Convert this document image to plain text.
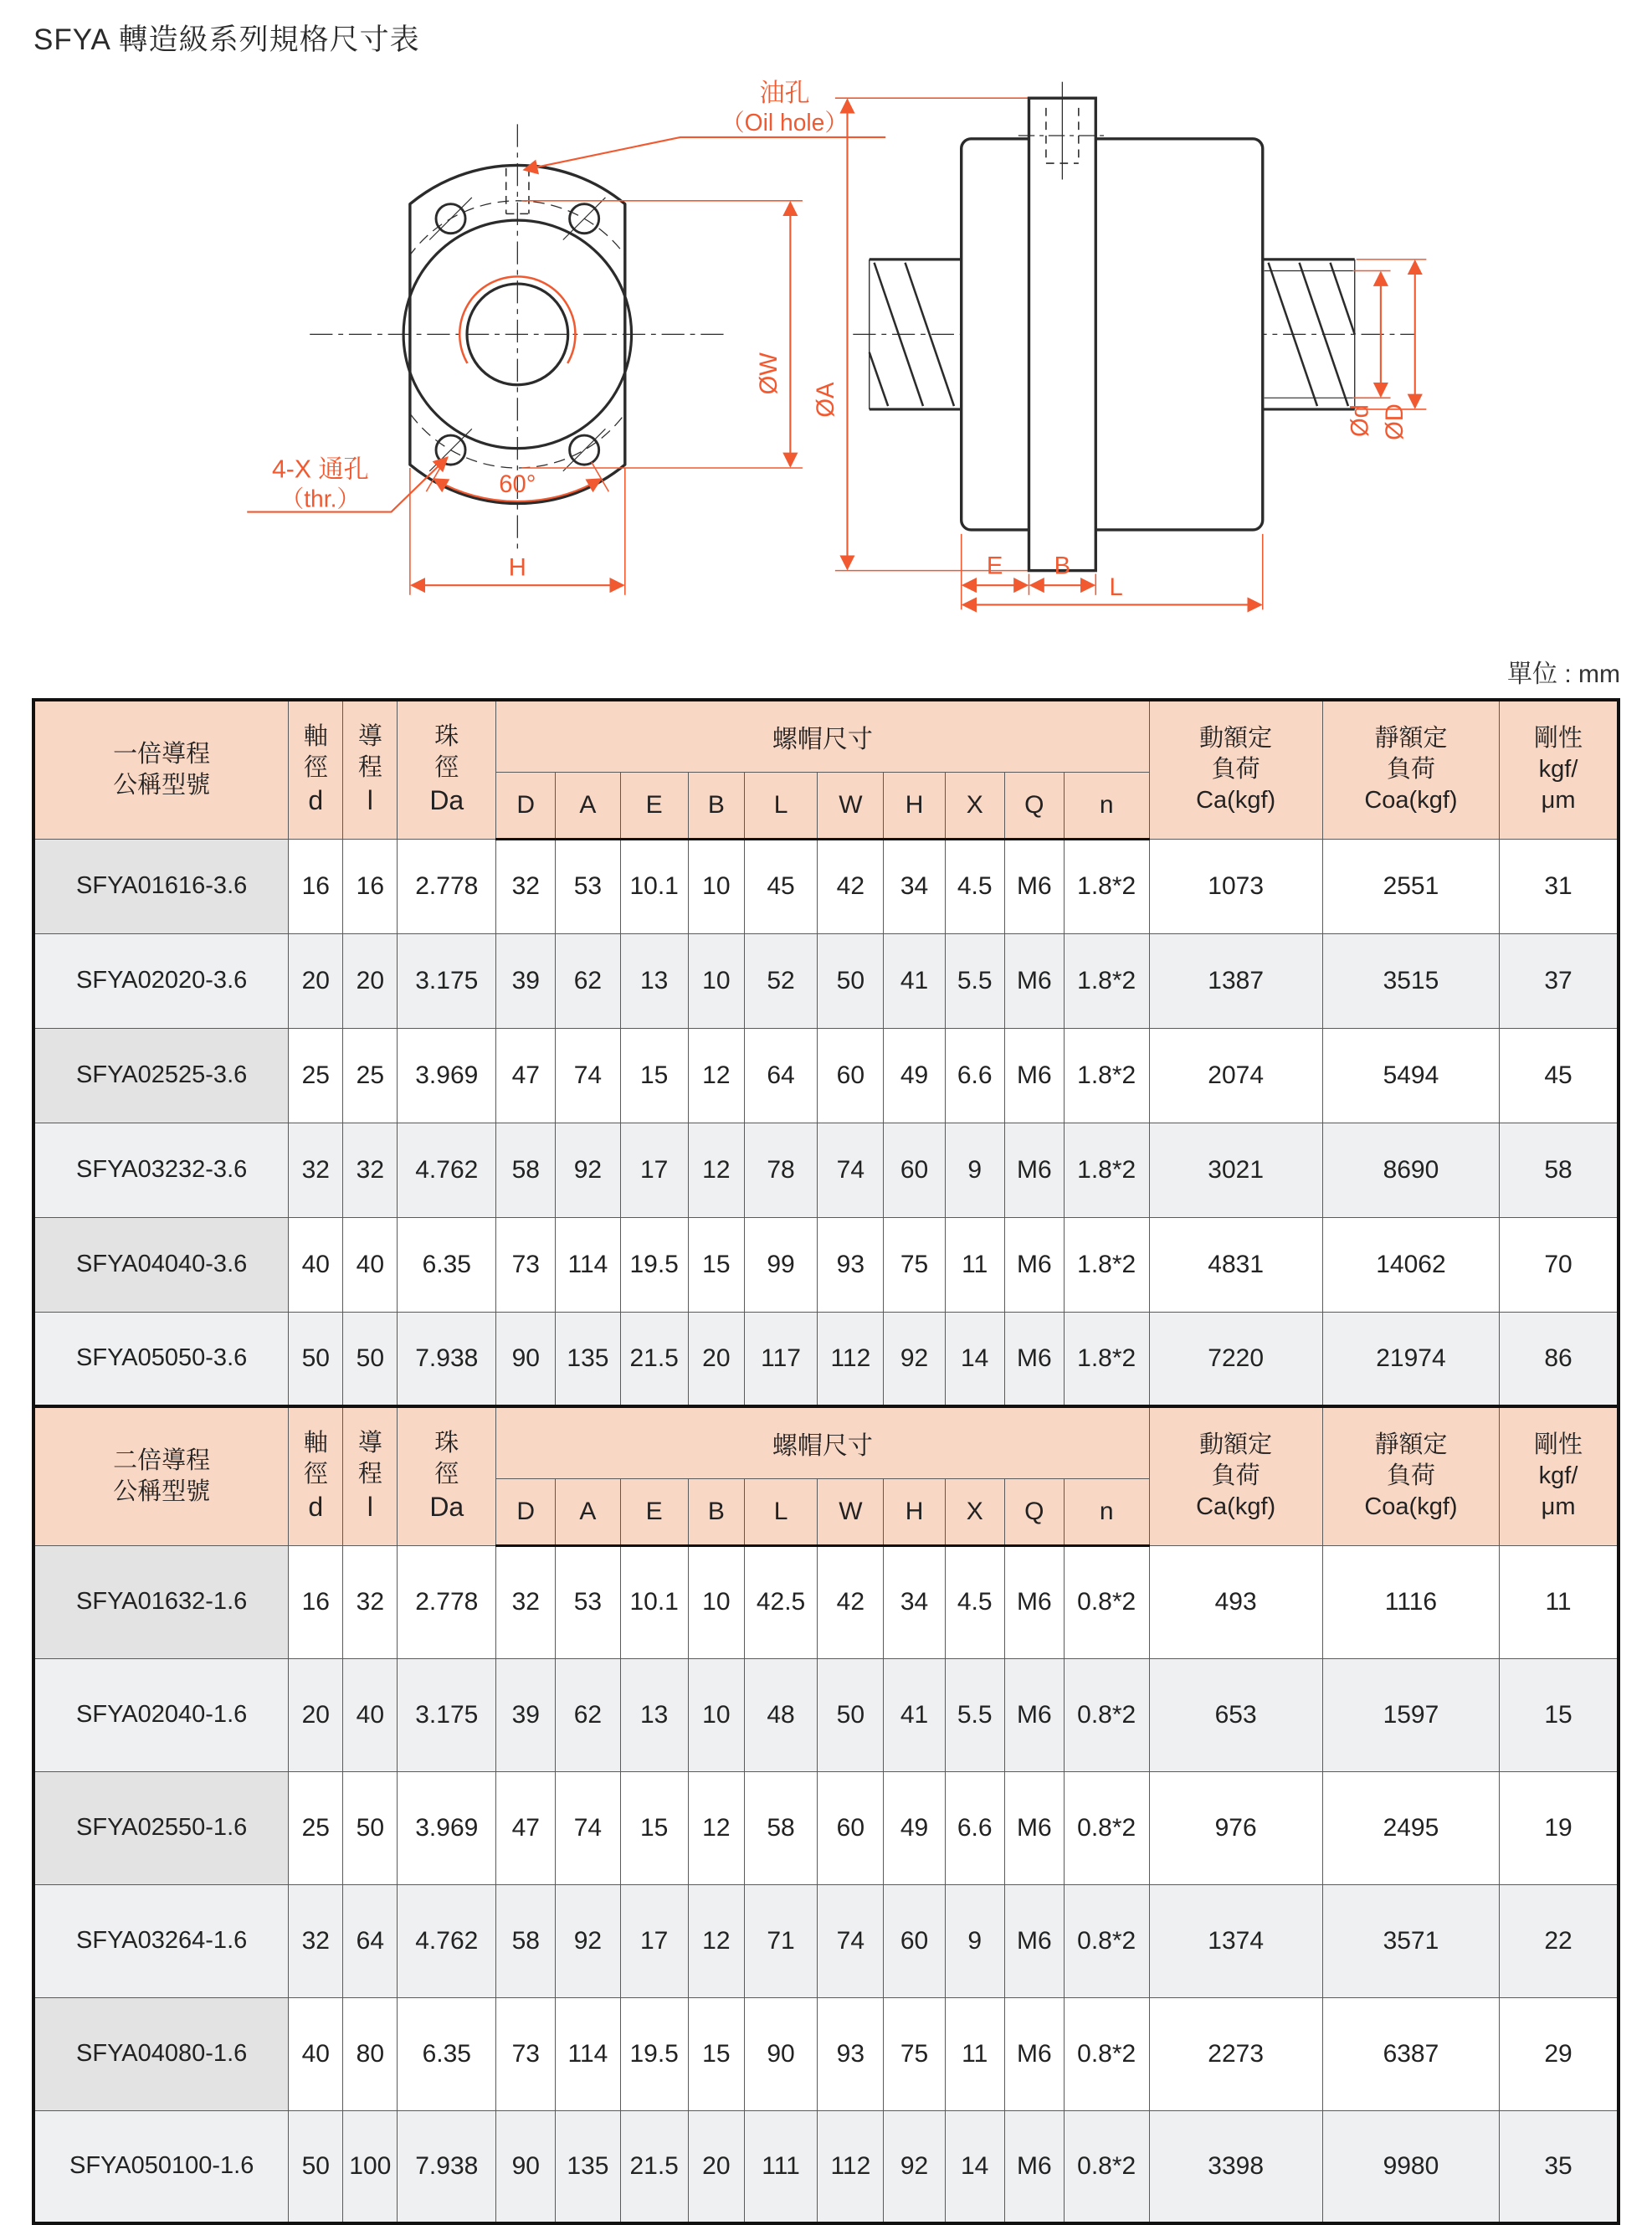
SFYA 轉造級系列規格尺寸表
油孔
（Oil hole）
4-X 通孔
（thr.）
60°
H
ØW
ØA
Ød ØD
E B
L
單位 : mm
一倍導程
公稱型號	軸
徑
d	導
程
l	珠
徑
Da	螺帽尺寸										動額定
負荷
Ca(kgf)	靜額定
負荷
Coa(kgf)	剛性
kgf/
μm

				D	A	E	B	L	W	H	X	Q	n			
SFYA01616-3.6	16	16	2.778	32	53	10.1	10	45	42	34	4.5	M6	1.8*2	1073	2551	31
SFYA02020-3.6	20	20	3.175	39	62	13	10	52	50	41	5.5	M6	1.8*2	1387	3515	37
SFYA02525-3.6	25	25	3.969	47	74	15	12	64	60	49	6.6	M6	1.8*2	2074	5494	45
SFYA03232-3.6	32	32	4.762	58	92	17	12	78	74	60	9	M6	1.8*2	3021	8690	58
SFYA04040-3.6	40	40	6.35	73	114	19.5	15	99	93	75	11	M6	1.8*2	4831	14062	70
SFYA05050-3.6	50	50	7.938	90	135	21.5	20	117	112	92	14	M6	1.8*2	7220	21974	86

二倍導程
公稱型號	軸
徑
d	導
程
l	珠
徑
Da	螺帽尺寸										動額定
負荷
Ca(kgf)	靜額定
負荷
Coa(kgf)	剛性
kgf/
μm

				D	A	E	B	L	W	H	X	Q	n			
SFYA01632-1.6	16	32	2.778	32	53	10.1	10	42.5	42	34	4.5	M6	0.8*2	493	1116	11
SFYA02040-1.6	20	40	3.175	39	62	13	10	48	50	41	5.5	M6	0.8*2	653	1597	15
SFYA02550-1.6	25	50	3.969	47	74	15	12	58	60	49	6.6	M6	0.8*2	976	2495	19
SFYA03264-1.6	32	64	4.762	58	92	17	12	71	74	60	9	M6	0.8*2	1374	3571	22
SFYA04080-1.6	40	80	6.35	73	114	19.5	15	90	93	75	11	M6	0.8*2	2273	6387	29
SFYA050100-1.6	50	100	7.938	90	135	21.5	20	111	112	92	14	M6	0.8*2	3398	9980	35
